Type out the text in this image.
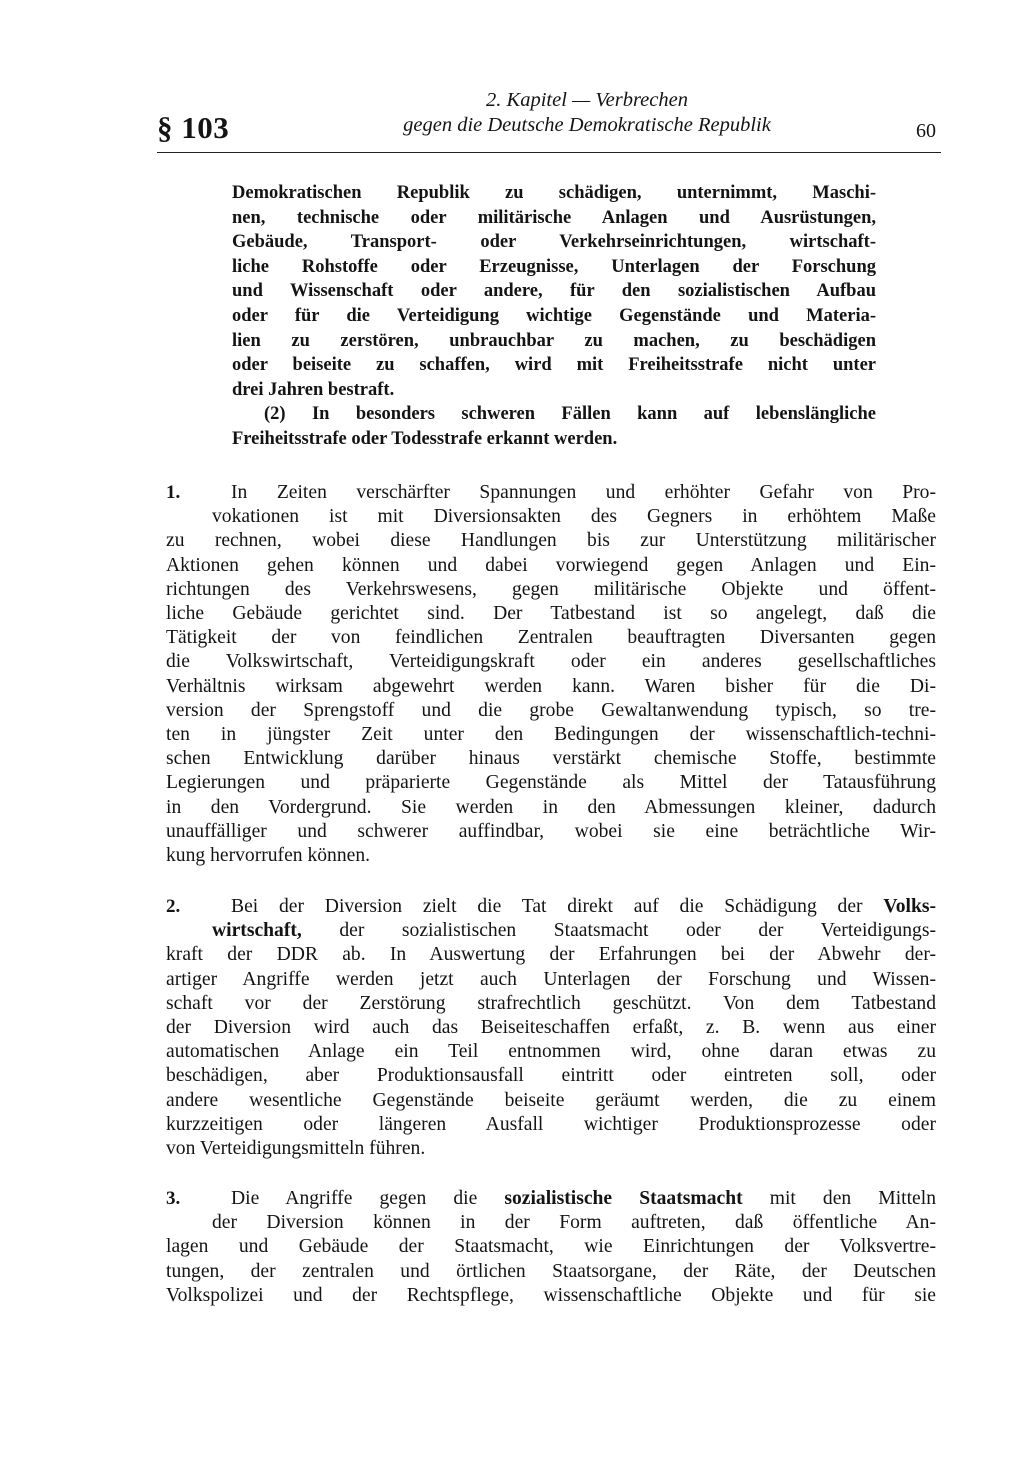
§ 103
2. Kapitel — Verbrechen
gegen die Deutsche Demokratische Republik	60
Demokratischen Republik zu schädigen, unternimmt, Maschi-
nen, technische oder militärische Anlagen und Ausrüstungen,
Gebäude, Transport- oder Verkehrseinrichtungen, wirtschaft-
liche Rohstoffe oder Erzeugnisse, Unterlagen der Forschung
und Wissenschaft oder andere, für den sozialistischen Aufbau
oder für die Verteidigung wichtige Gegenstände und Materia-
lien zu zerstören, unbrauchbar zu machen, zu beschädigen
oder beiseite zu schaffen, wird mit Freiheitsstrafe nicht unter
drei Jahren bestraft.
(2) In besonders schweren Fällen kann auf lebenslängliche
Freiheitsstrafe oder Todesstrafe erkannt werden.
1.	In Zeiten verschärfter Spannungen und erhöhter Gefahr von Pro-
vokationen ist mit Diversionsakten des Gegners in erhöhtem Maße
zu rechnen, wobei diese Handlungen bis zur Unterstützung militärischer
Aktionen gehen können und dabei vorwiegend gegen Anlagen und Ein-
richtungen des Verkehrswesens, gegen militärische Objekte und öffent-
liche Gebäude gerichtet sind. Der Tatbestand ist so angelegt, daß die
Tätigkeit der von feindlichen Zentralen beauftragten Diversanten gegen
die Volkswirtschaft, Verteidigungskraft oder ein anderes gesellschaftliches
Verhältnis wirksam abgewehrt werden kann. Waren bisher für die Di-
version der Sprengstoff und die grobe Gewaltanwendung typisch, so tre-
ten in jüngster Zeit unter den Bedingungen der wissenschaftlich-techni-
schen Entwicklung darüber hinaus verstärkt chemische Stoffe, bestimmte
Legierungen und präparierte Gegenstände als Mittel der Tatausführung
in den Vordergrund. Sie werden in den Abmessungen kleiner, dadurch
unauffälliger und schwerer auffindbar, wobei sie eine beträchtliche Wir-
kung hervorrufen können.
2.	Bei der Diversion zielt die Tat direkt auf die Schädigung der Volks-
wirtschaft, der sozialistischen Staatsmacht oder der Verteidigungs-
kraft der DDR ab. In Auswertung der Erfahrungen bei der Abwehr der-
artiger Angriffe werden jetzt auch Unterlagen der Forschung und Wissen-
schaft vor der Zerstörung strafrechtlich geschützt. Von dem Tatbestand
der Diversion wird auch das Beiseiteschaffen erfaßt, z. B. wenn aus einer
automatischen Anlage ein Teil entnommen wird, ohne daran etwas zu
beschädigen, aber Produktionsausfall eintritt oder eintreten soll, oder
andere wesentliche Gegenstände beiseite geräumt werden, die zu einem
kurzzeitigen oder längeren Ausfall wichtiger Produktionsprozesse oder
von Verteidigungsmitteln führen.
3.	Die Angriffe gegen die sozialistische Staatsmacht mit den Mitteln
der Diversion können in der Form auftreten, daß öffentliche An-
lagen und Gebäude der Staatsmacht, wie Einrichtungen der Volksvertre-
tungen, der zentralen und örtlichen Staatsorgane, der Räte, der Deutschen
Volkspolizei und der Rechtspflege, wissenschaftliche Objekte und für sie
